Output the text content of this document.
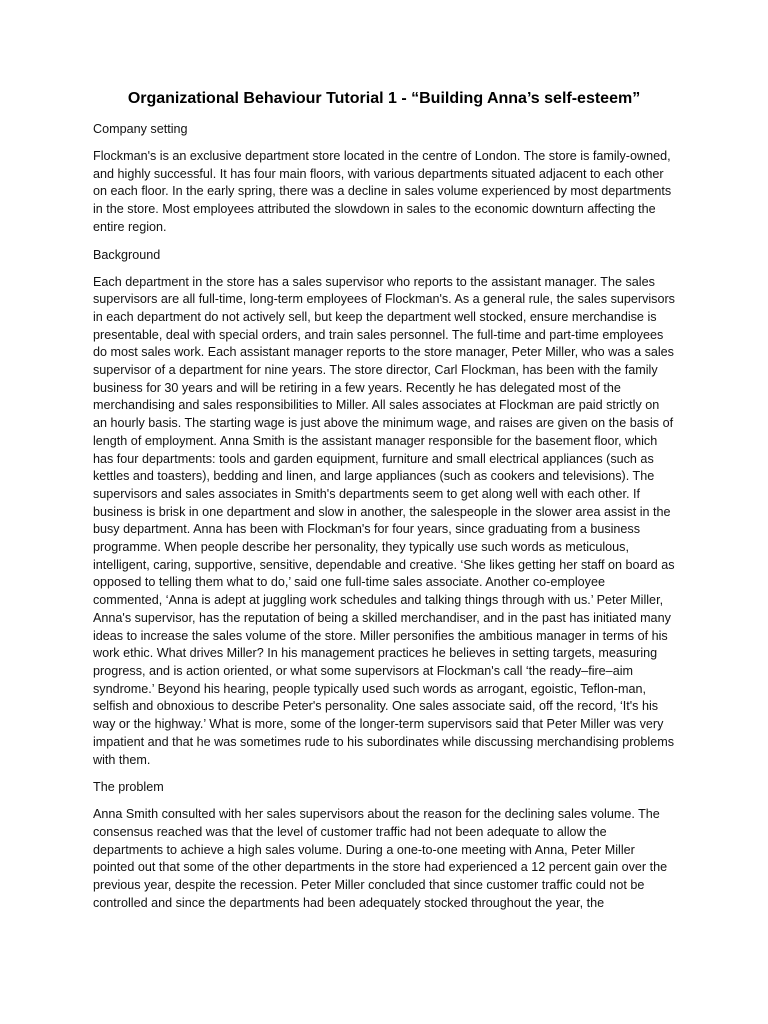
Organizational Behaviour Tutorial 1 - “Building Anna’s self-esteem”

Company setting

Flockman's is an exclusive department store located in the centre of London. The store is family-owned, and highly successful. It has four main floors, with various departments situated adjacent to each other on each floor. In the early spring, there was a decline in sales volume experienced by most departments in the store. Most employees attributed the slowdown in sales to the economic downturn affecting the entire region.

Background

Each department in the store has a sales supervisor who reports to the assistant manager. The sales supervisors are all full-time, long-term employees of Flockman's. As a general rule, the sales supervisors in each department do not actively sell, but keep the department well stocked, ensure merchandise is presentable, deal with special orders, and train sales personnel. The full-time and part-time employees do most sales work. Each assistant manager reports to the store manager, Peter Miller, who was a sales supervisor of a department for nine years. The store director, Carl Flockman, has been with the family business for 30 years and will be retiring in a few years. Recently he has delegated most of the merchandising and sales responsibilities to Miller. All sales associates at Flockman are paid strictly on an hourly basis. The starting wage is just above the minimum wage, and raises are given on the basis of length of employment. Anna Smith is the assistant manager responsible for the basement floor, which has four departments: tools and garden equipment, furniture and small electrical appliances (such as kettles and toasters), bedding and linen, and large appliances (such as cookers and televisions). The supervisors and sales associates in Smith's departments seem to get along well with each other. If business is brisk in one department and slow in another, the salespeople in the slower area assist in the busy department. Anna has been with Flockman's for four years, since graduating from a business programme. When people describe her personality, they typically use such words as meticulous, intelligent, caring, supportive, sensitive, dependable and creative. ‘She likes getting her staff on board as opposed to telling them what to do,’ said one full-time sales associate. Another co-employee commented, ‘Anna is adept at juggling work schedules and talking things through with us.’ Peter Miller, Anna's supervisor, has the reputation of being a skilled merchandiser, and in the past has initiated many ideas to increase the sales volume of the store. Miller personifies the ambitious manager in terms of his work ethic. What drives Miller? In his management practices he believes in setting targets, measuring progress, and is action oriented, or what some supervisors at Flockman's call ‘the ready–fire–aim syndrome.’ Beyond his hearing, people typically used such words as arrogant, egoistic, Teflon-man, selfish and obnoxious to describe Peter's personality. One sales associate said, off the record, ‘It's his way or the highway.’ What is more, some of the longer-term supervisors said that Peter Miller was very impatient and that he was sometimes rude to his subordinates while discussing merchandising problems with them.

The problem

Anna Smith consulted with her sales supervisors about the reason for the declining sales volume. The consensus reached was that the level of customer traffic had not been adequate to allow the departments to achieve a high sales volume. During a one-to-one meeting with Anna, Peter Miller pointed out that some of the other departments in the store had experienced a 12 percent gain over the previous year, despite the recession. Peter Miller concluded that since customer traffic could not be controlled and since the departments had been adequately stocked throughout the year, the
